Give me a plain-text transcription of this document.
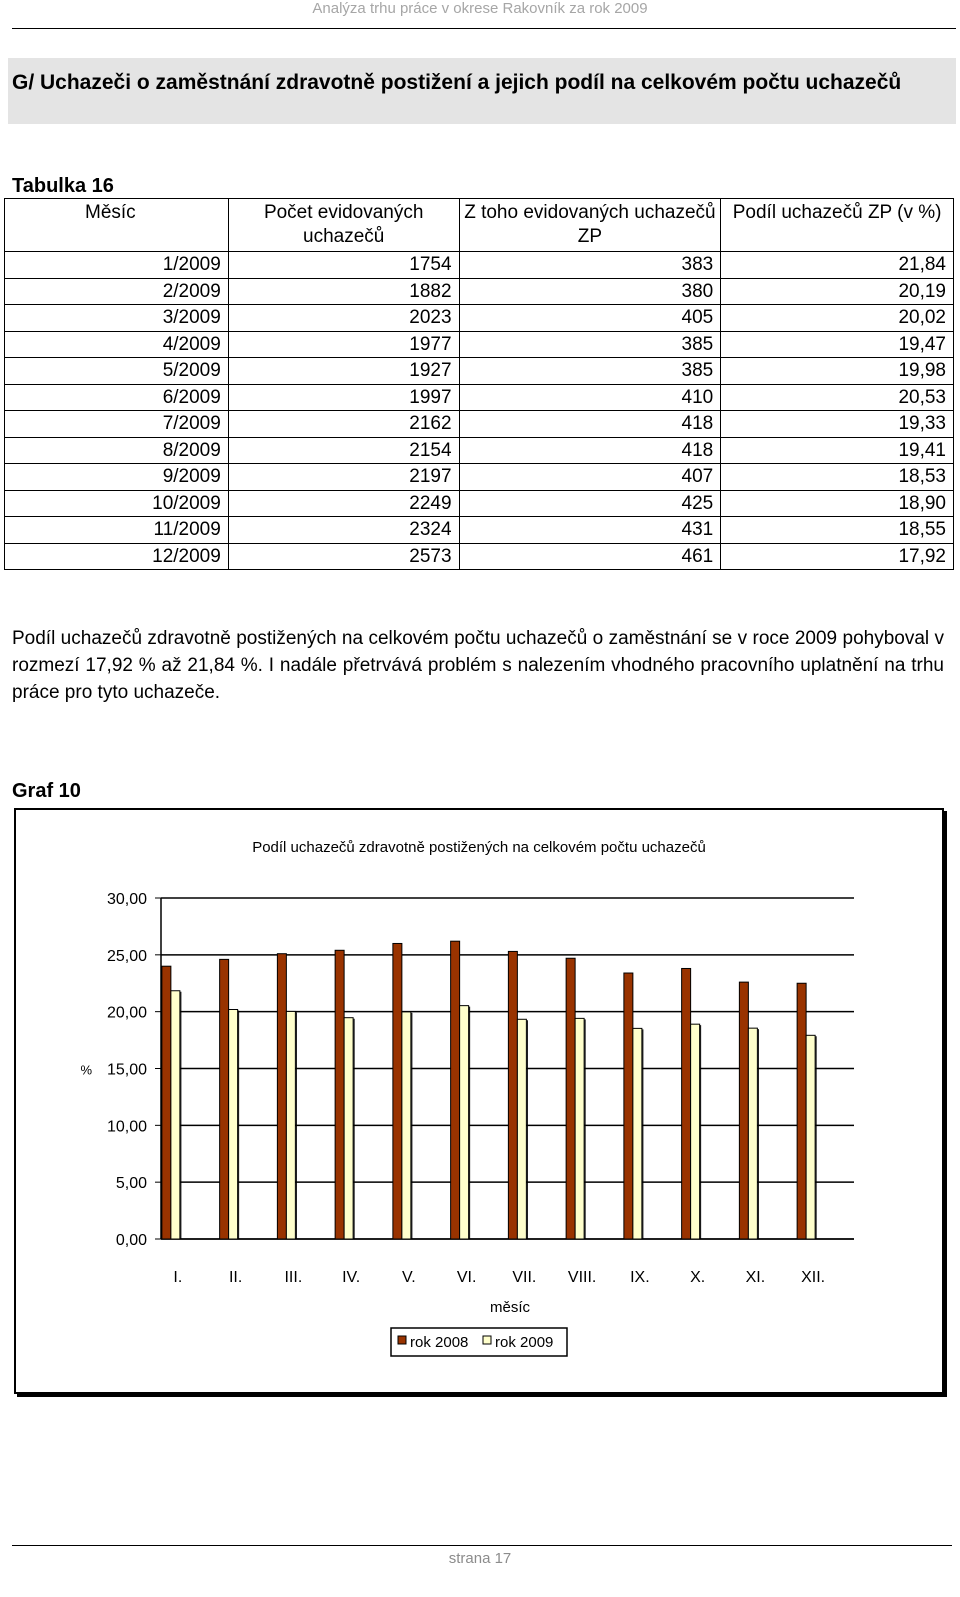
Analýza trhu práce v okrese Rakovník za rok 2009
G/ Uchazeči o zaměstnání zdravotně postižení a jejich podíl na celkovém počtu uchazečů
Tabulka 16
Měsíc	Počet evidovaných uchazečů	Z toho evidovaných uchazečů ZP	Podíl uchazečů ZP (v %)
1/2009	1754	383	21,84
2/2009	1882	380	20,19
3/2009	2023	405	20,02
4/2009	1977	385	19,47
5/2009	1927	385	19,98
6/2009	1997	410	20,53
7/2009	2162	418	19,33
8/2009	2154	418	19,41
9/2009	2197	407	18,53
10/2009	2249	425	18,90
11/2009	2324	431	18,55
12/2009	2573	461	17,92
Podíl uchazečů zdravotně postižených na celkovém počtu uchazečů o zaměstnání se v roce 2009 pohyboval v rozmezí 17,92 % až 21,84 %. I nadále přetrvává problém s nalezením vhodného pracovního uplatnění na trhu práce pro tyto uchazeče.
Graf 10
Podíl uchazečů zdravotně postižených na celkovém počtu uchazečů
0,00
5,00
10,00
15,00
20,00
25,00
30,00
%
I.	II.	III. IV.	V.	VI. VII. VIII. IX.	X.	XI. XII.
měsíc
rok 2008 rok 2009
strana 17
